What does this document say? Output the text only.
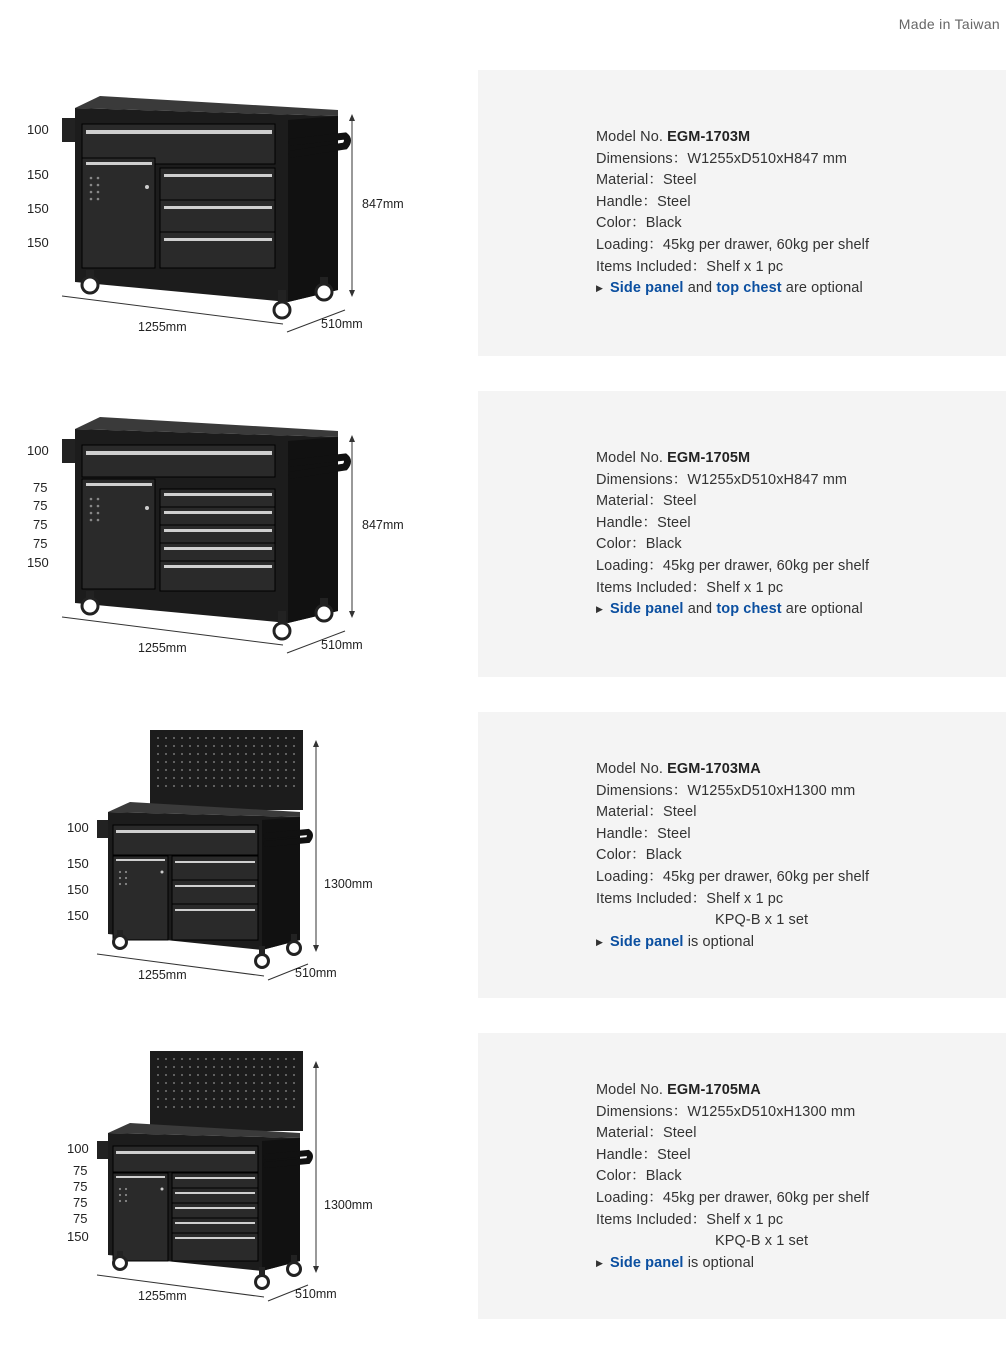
Made in Taiwan
100
150
150
150
847mm
1255mm	510mm
Model No. EGM-1703M
Dimensions：W1255xD510xH847 mm
Material：Steel
Handle：Steel
Color：Black
Loading：45kg per drawer, 60kg per shelf
Items Included：Shelf x 1 pc
▶ Side panel and top chest are optional
100
75
75
75
75
150
847mm
1255mm	510mm
Model No. EGM-1705M
Dimensions：W1255xD510xH847 mm
Material：Steel
Handle：Steel
Color：Black
Loading：45kg per drawer, 60kg per shelf
Items Included：Shelf x 1 pc
▶ Side panel and top chest are optional
100
150
150
150
1300mm
1255mm	510mm
Model No. EGM-1703MA
Dimensions：W1255xD510xH1300 mm
Material：Steel
Handle：Steel
Color：Black
Loading：45kg per drawer, 60kg per shelf
Items Included：Shelf x 1 pc
KPQ-B x 1 set
▶ Side panel is optional
100
75
75
75
75
150
1300mm
1255mm	510mm
Model No. EGM-1705MA
Dimensions：W1255xD510xH1300 mm
Material：Steel
Handle：Steel
Color：Black
Loading：45kg per drawer, 60kg per shelf
Items Included：Shelf x 1 pc
KPQ-B x 1 set
▶ Side panel is optional
